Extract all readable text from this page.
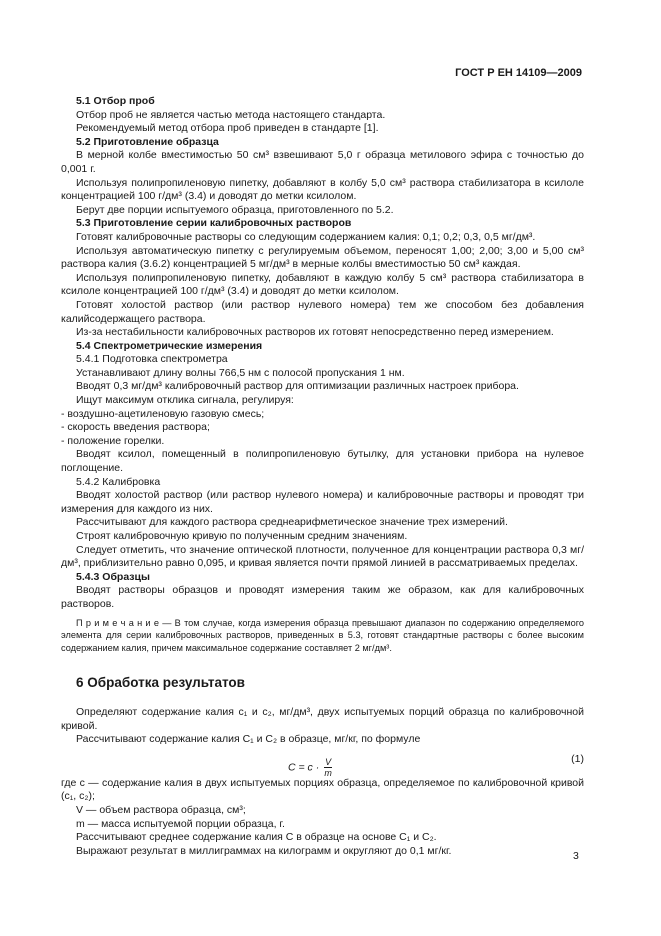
ГОСТ Р ЕН 14109—2009

5.1 Отбор проб

Отбор проб не является частью метода настоящего стандарта.

Рекомендуемый метод отбора проб приведен в стандарте [1].

5.2 Приготовление образца

В мерной колбе вместимостью 50 см³ взвешивают 5,0 г образца метилового эфира с точностью до 0,001 г.

Используя полипропиленовую пипетку, добавляют в колбу 5,0 см³ раствора стабилизатора в ксилоле концентрацией 100 г/дм³ (3.4) и доводят до метки ксилолом.

Берут две порции испытуемого образца, приготовленного по 5.2.

5.3 Приготовление серии калибровочных растворов

Готовят калибровочные растворы со следующим содержанием калия: 0,1; 0,2; 0,3, 0,5 мг/дм³.

Используя автоматическую пипетку с регулируемым объемом, переносят 1,00; 2,00; 3,00 и 5,00 см³ раствора калия (3.6.2) концентрацией 5 мг/дм³ в мерные колбы вместимостью 50 см³ каждая.

Используя полипропиленовую пипетку, добавляют в каждую колбу 5 см³ раствора стабилизатора в ксилоле концентрацией 100 г/дм³ (3.4) и доводят до метки ксилолом.

Готовят холостой раствор (или раствор нулевого номера) тем же способом без добавления калийсодержащего раствора.

Из-за нестабильности калибровочных растворов их готовят непосредственно перед измерением.

5.4 Спектрометрические измерения

5.4.1 Подготовка спектрометра

Устанавливают длину волны 766,5 нм с полосой пропускания 1 нм.

Вводят 0,3 мг/дм³ калибровочный раствор для оптимизации различных настроек прибора.

Ищут максимум отклика сигнала, регулируя:

- воздушно-ацетиленовую газовую смесь;

- скорость введения раствора;

- положение горелки.

Вводят ксилол, помещенный в полипропиленовую бутылку, для установки прибора на нулевое поглощение.

5.4.2 Калибровка

Вводят холостой раствор (или раствор нулевого номера) и калибровочные растворы и проводят три измерения для каждого из них.

Рассчитывают для каждого раствора среднеарифметическое значение трех измерений.

Строят калибровочную кривую по полученным средним значениям.

Следует отметить, что значение оптической плотности, полученное для концентрации раствора 0,3 мг/дм³, приблизительно равно 0,095, и кривая является почти прямой линией в рассматриваемых пределах.

5.4.3 Образцы

Вводят растворы образцов и проводят измерения таким же образом, как для калибровочных растворов.

П р и м е ч а н и е — В том случае, когда измерения образца превышают диапазон по содержанию определяемого элемента для серии калибровочных растворов, приведенных в 5.3, готовят стандартные растворы с более высоким содержанием калия, причем максимальное содержание составляет 2 мг/дм³.

6 Обработка результатов

Определяют содержание калия c₁ и c₂, мг/дм³, двух испытуемых порций образца по калибровочной кривой.

Рассчитывают содержание калия C₁ и C₂ в образце, мг/кг, по формуле

$C = c \cdot \frac{V}{m}$	(1)

где c — содержание калия в двух испытуемых порциях образца, определяемое по калибровочной кривой (c₁, c₂);

V — объем раствора образца, см³;

m — масса испытуемой порции образца, г.

Рассчитывают среднее содержание калия C в образце на основе C₁ и C₂.

Выражают результат в миллиграммах на килограмм и округляют до 0,1 мг/кг.	3
